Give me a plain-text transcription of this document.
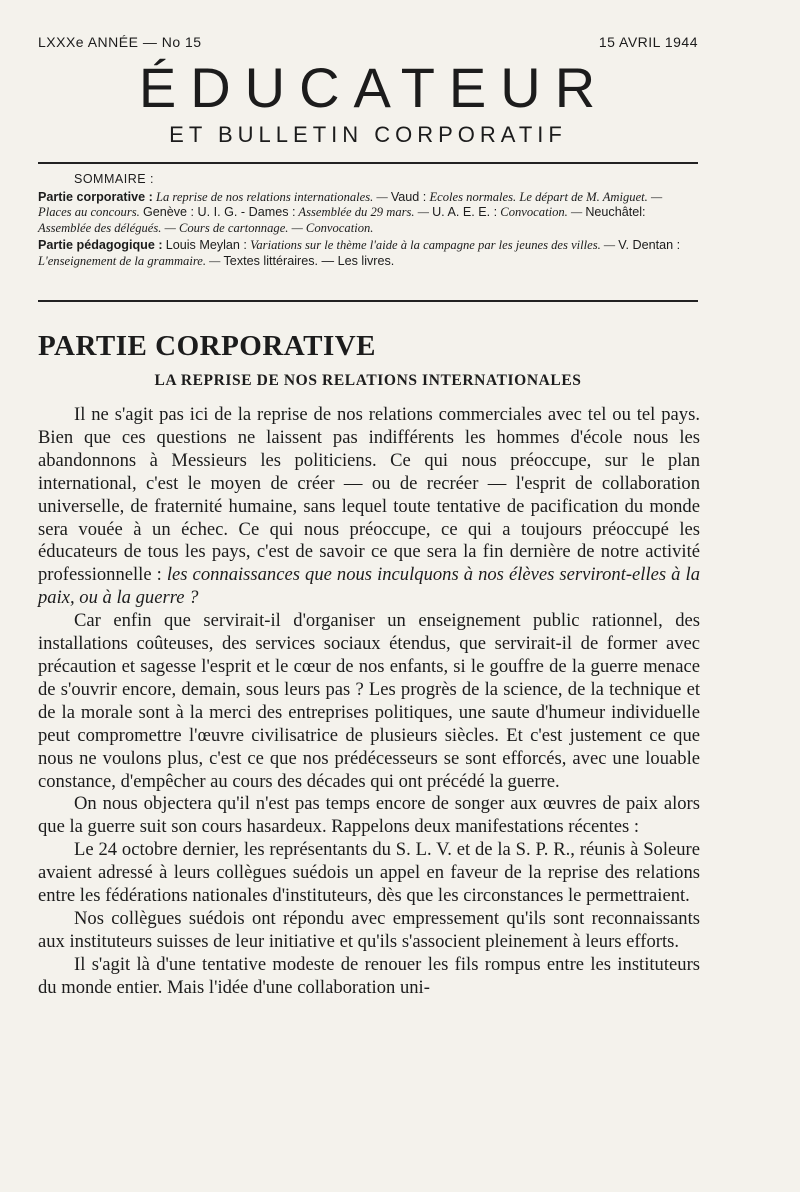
LXXXe ANNÉE — No 15	15 AVRIL 1944
ÉDUCATEUR
ET BULLETIN CORPORATIF
SOMMAIRE :
Partie corporative : La reprise de nos relations internationales. — Vaud : Ecoles normales. Le départ de M. Amiguet. — Places au concours. Genève : U. I. G. - Dames : Assemblée du 29 mars. — U. A. E. E. : Convocation. — Neuchâtel: Assemblée des délégués. — Cours de cartonnage. — Convocation.
Partie pédagogique : Louis Meylan : Variations sur le thème l'aide à la campagne par les jeunes des villes. — V. Dentan : L'enseignement de la grammaire. — Textes littéraires. — Les livres.
PARTIE CORPORATIVE
LA REPRISE DE NOS RELATIONS INTERNATIONALES

Il ne s'agit pas ici de la reprise de nos relations commerciales avec tel ou tel pays. Bien que ces questions ne laissent pas indifférents les hommes d'école nous les abandonnons à Messieurs les politiciens. Ce qui nous préoccupe, sur le plan international, c'est le moyen de créer — ou de recréer — l'esprit de collaboration universelle, de fraternité humaine, sans lequel toute tentative de pacification du monde sera vouée à un échec. Ce qui nous préoccupe, ce qui a toujours préoccupé les éducateurs de tous les pays, c'est de savoir ce que sera la fin dernière de notre activité professionnelle : les connaissances que nous inculquons à nos élèves serviront-elles à la paix, ou à la guerre ?

Car enfin que servirait-il d'organiser un enseignement public rationnel, des installations coûteuses, des services sociaux étendus, que servirait-il de former avec précaution et sagesse l'esprit et le cœur de nos enfants, si le gouffre de la guerre menace de s'ouvrir encore, demain, sous leurs pas ? Les progrès de la science, de la technique et de la morale sont à la merci des entreprises politiques, une saute d'humeur individuelle peut compromettre l'œuvre civilisatrice de plusieurs siècles. Et c'est justement ce que nous ne voulons plus, c'est ce que nos prédécesseurs se sont efforcés, avec une louable constance, d'empêcher au cours des décades qui ont précédé la guerre.

On nous objectera qu'il n'est pas temps encore de songer aux œuvres de paix alors que la guerre suit son cours hasardeux. Rappelons deux manifestations récentes :

Le 24 octobre dernier, les représentants du S. L. V. et de la S. P. R., réunis à Soleure avaient adressé à leurs collègues suédois un appel en faveur de la reprise des relations entre les fédérations nationales d'instituteurs, dès que les circonstances le permettraient.

Nos collègues suédois ont répondu avec empressement qu'ils sont reconnaissants aux instituteurs suisses de leur initiative et qu'ils s'associent pleinement à leurs efforts.

Il s'agit là d'une tentative modeste de renouer les fils rompus entre les instituteurs du monde entier. Mais l'idée d'une collaboration uni-
